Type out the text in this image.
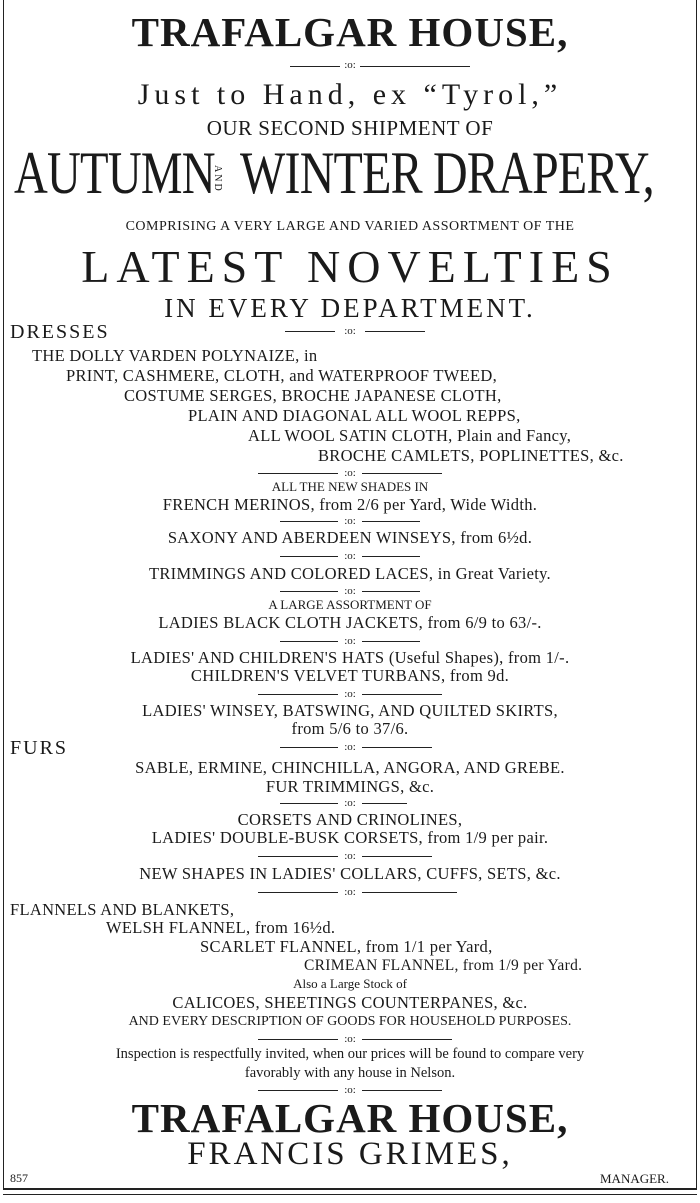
TRAFALGAR HOUSE,
:o:
Just to Hand, ex “Tyrol,”
OUR SECOND SHIPMENT OF
AUTUMN
AND WINTER DRAPERY,
COMPRISING A VERY LARGE AND VARIED ASSORTMENT OF THE
LATEST NOVELTIES
IN EVERY DEPARTMENT.
DRESSES	:o:
THE DOLLY VARDEN POLYNAIZE, in
PRINT, CASHMERE, CLOTH, and WATERPROOF TWEED,
COSTUME SERGES, BROCHE JAPANESE CLOTH,
PLAIN AND DIAGONAL ALL WOOL REPPS,
ALL WOOL SATIN CLOTH, Plain and Fancy,
BROCHE CAMLETS, POPLINETTES, &c.
:o:
ALL THE NEW SHADES IN
FRENCH MERINOS, from 2/6 per Yard, Wide Width.
:o:
SAXONY AND ABERDEEN WINSEYS, from 6½d.
:o:
TRIMMINGS AND COLORED LACES, in Great Variety.
:o:
A LARGE ASSORTMENT OF
LADIES BLACK CLOTH JACKETS, from 6/9 to 63/-.
:o:
LADIES' AND CHILDREN'S HATS (Useful Shapes), from 1/-.
CHILDREN'S VELVET TURBANS, from 9d.
:o:
LADIES' WINSEY, BATSWING, AND QUILTED SKIRTS,
from 5/6 to 37/6.
FURS	:o:
SABLE, ERMINE, CHINCHILLA, ANGORA, AND GREBE.
FUR TRIMMINGS, &c.
:o:
CORSETS AND CRINOLINES,
LADIES' DOUBLE-BUSK CORSETS, from 1/9 per pair.
:o:
NEW SHAPES IN LADIES' COLLARS, CUFFS, SETS, &c.
:o:
FLANNELS AND BLANKETS,
WELSH FLANNEL, from 16½d.
SCARLET FLANNEL, from 1/1 per Yard,
CRIMEAN FLANNEL, from 1/9 per Yard.
Also a Large Stock of
CALICOES, SHEETINGS COUNTERPANES, &c.
AND EVERY DESCRIPTION OF GOODS FOR HOUSEHOLD PURPOSES.
:o:
Inspection is respectfully invited, when our prices will be found to compare very
favorably with any house in Nelson.
:o:
TRAFALGAR HOUSE,
FRANCIS GRIMES,
857	MANAGER.
